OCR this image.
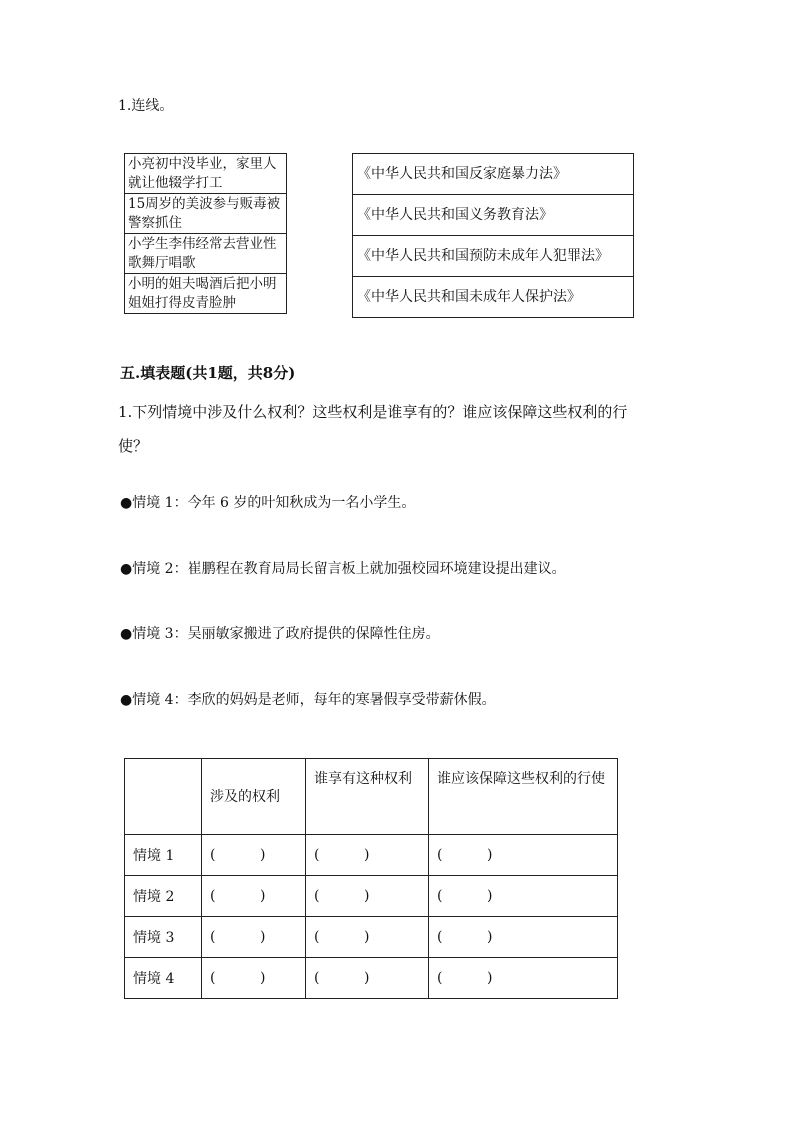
1.连线。
小亮初中没毕业，家里人就让他辍学打工
15周岁的美波参与贩毒被警察抓住
小学生李伟经常去营业性歌舞厅唱歌
小明的姐夫喝酒后把小明姐姐打得皮青脸肿
《中华人民共和国反家庭暴力法》
《中华人民共和国义务教育法》
《中华人民共和国预防未成年人犯罪法》
《中华人民共和国未成年人保护法》
五.填表题(共1题，共8分)
1.下列情境中涉及什么权利？这些权利是谁享有的？谁应该保障这些权利的行
使？
●情境 1：今年 6 岁的叶知秋成为一名小学生。
●情境 2：崔鹏程在教育局局长留言板上就加强校园环境建设提出建议。
●情境 3：吴丽敏家搬进了政府提供的保障性住房。
●情境 4：李欣的妈妈是老师，每年的寒暑假享受带薪休假。
	涉及的权利	谁享有这种权利	谁应该保障这些权利的行使
情境 1	(          )	(          )	(          )
情境 2	(          )	(          )	(          )
情境 3	(          )	(          )	(          )
情境 4	(          )	(          )	(          )
